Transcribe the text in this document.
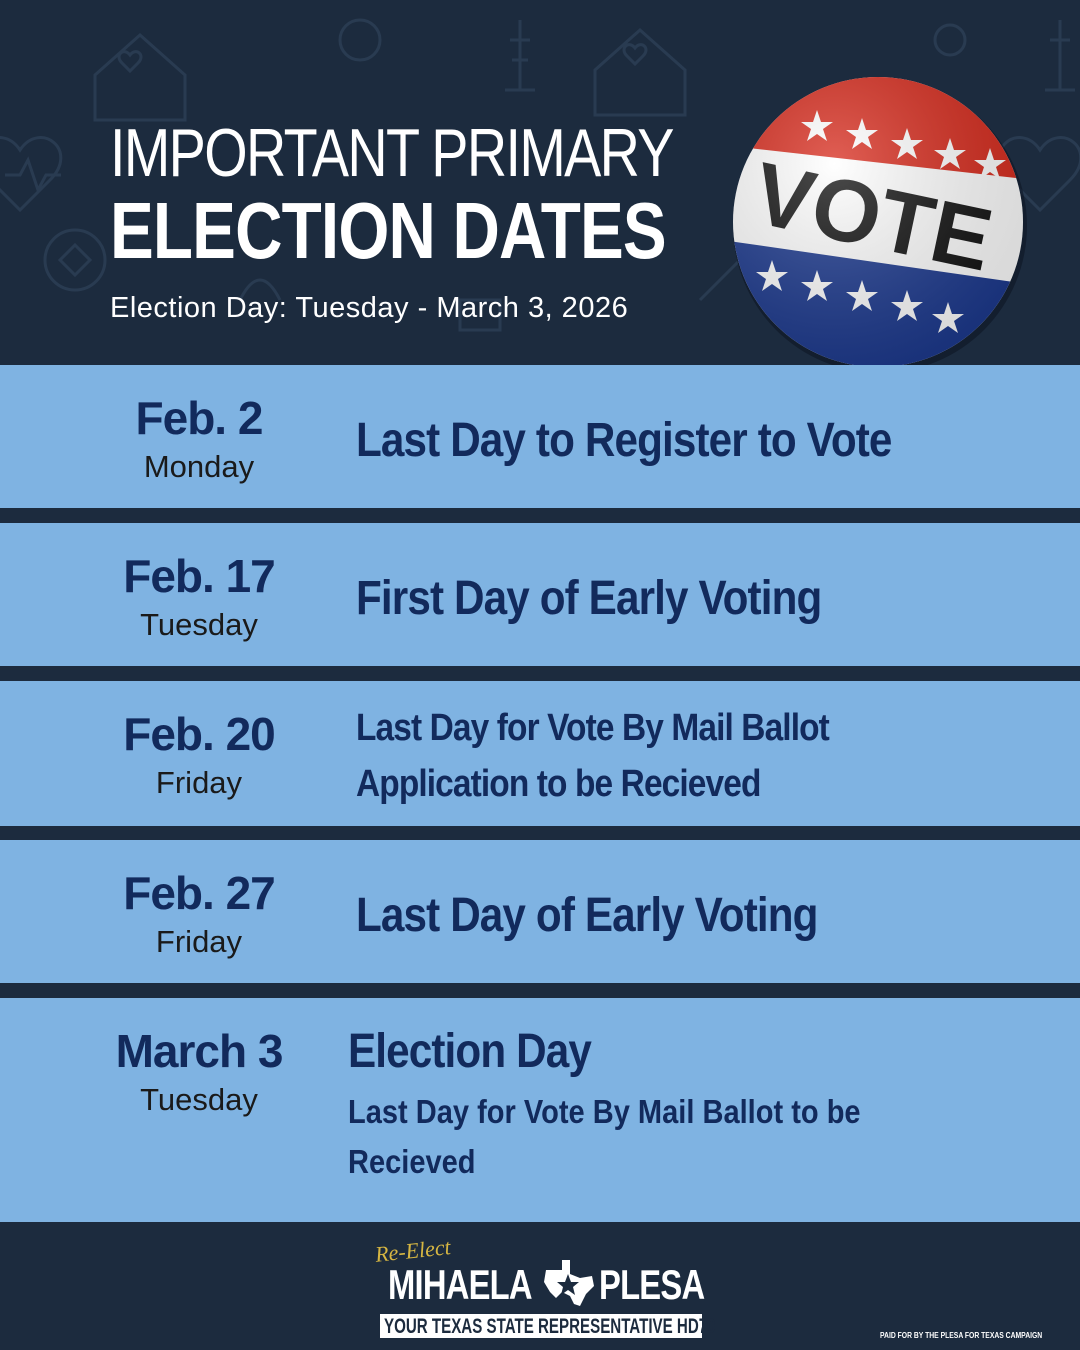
IMPORTANT PRIMARY
ELECTION DATES
Election Day: Tuesday - March 3, 2026
Feb. 2
Monday	Last Day to Register to Vote
Feb. 17
Tuesday	First Day of Early Voting
Feb. 20
Friday
Last Day for Vote By Mail Ballot
Application to be Recieved
Feb. 27
Friday	Last Day of Early Voting
March 3
Tuesday
Election Day
Last Day for Vote By Mail Ballot to be
Recieved
Re-Elect
MIHAELA PLESA
YOUR TEXAS STATE REPRESENTATIVE HD70	PAID FOR BY THE PLESA FOR TEXAS CAMPAIGN
